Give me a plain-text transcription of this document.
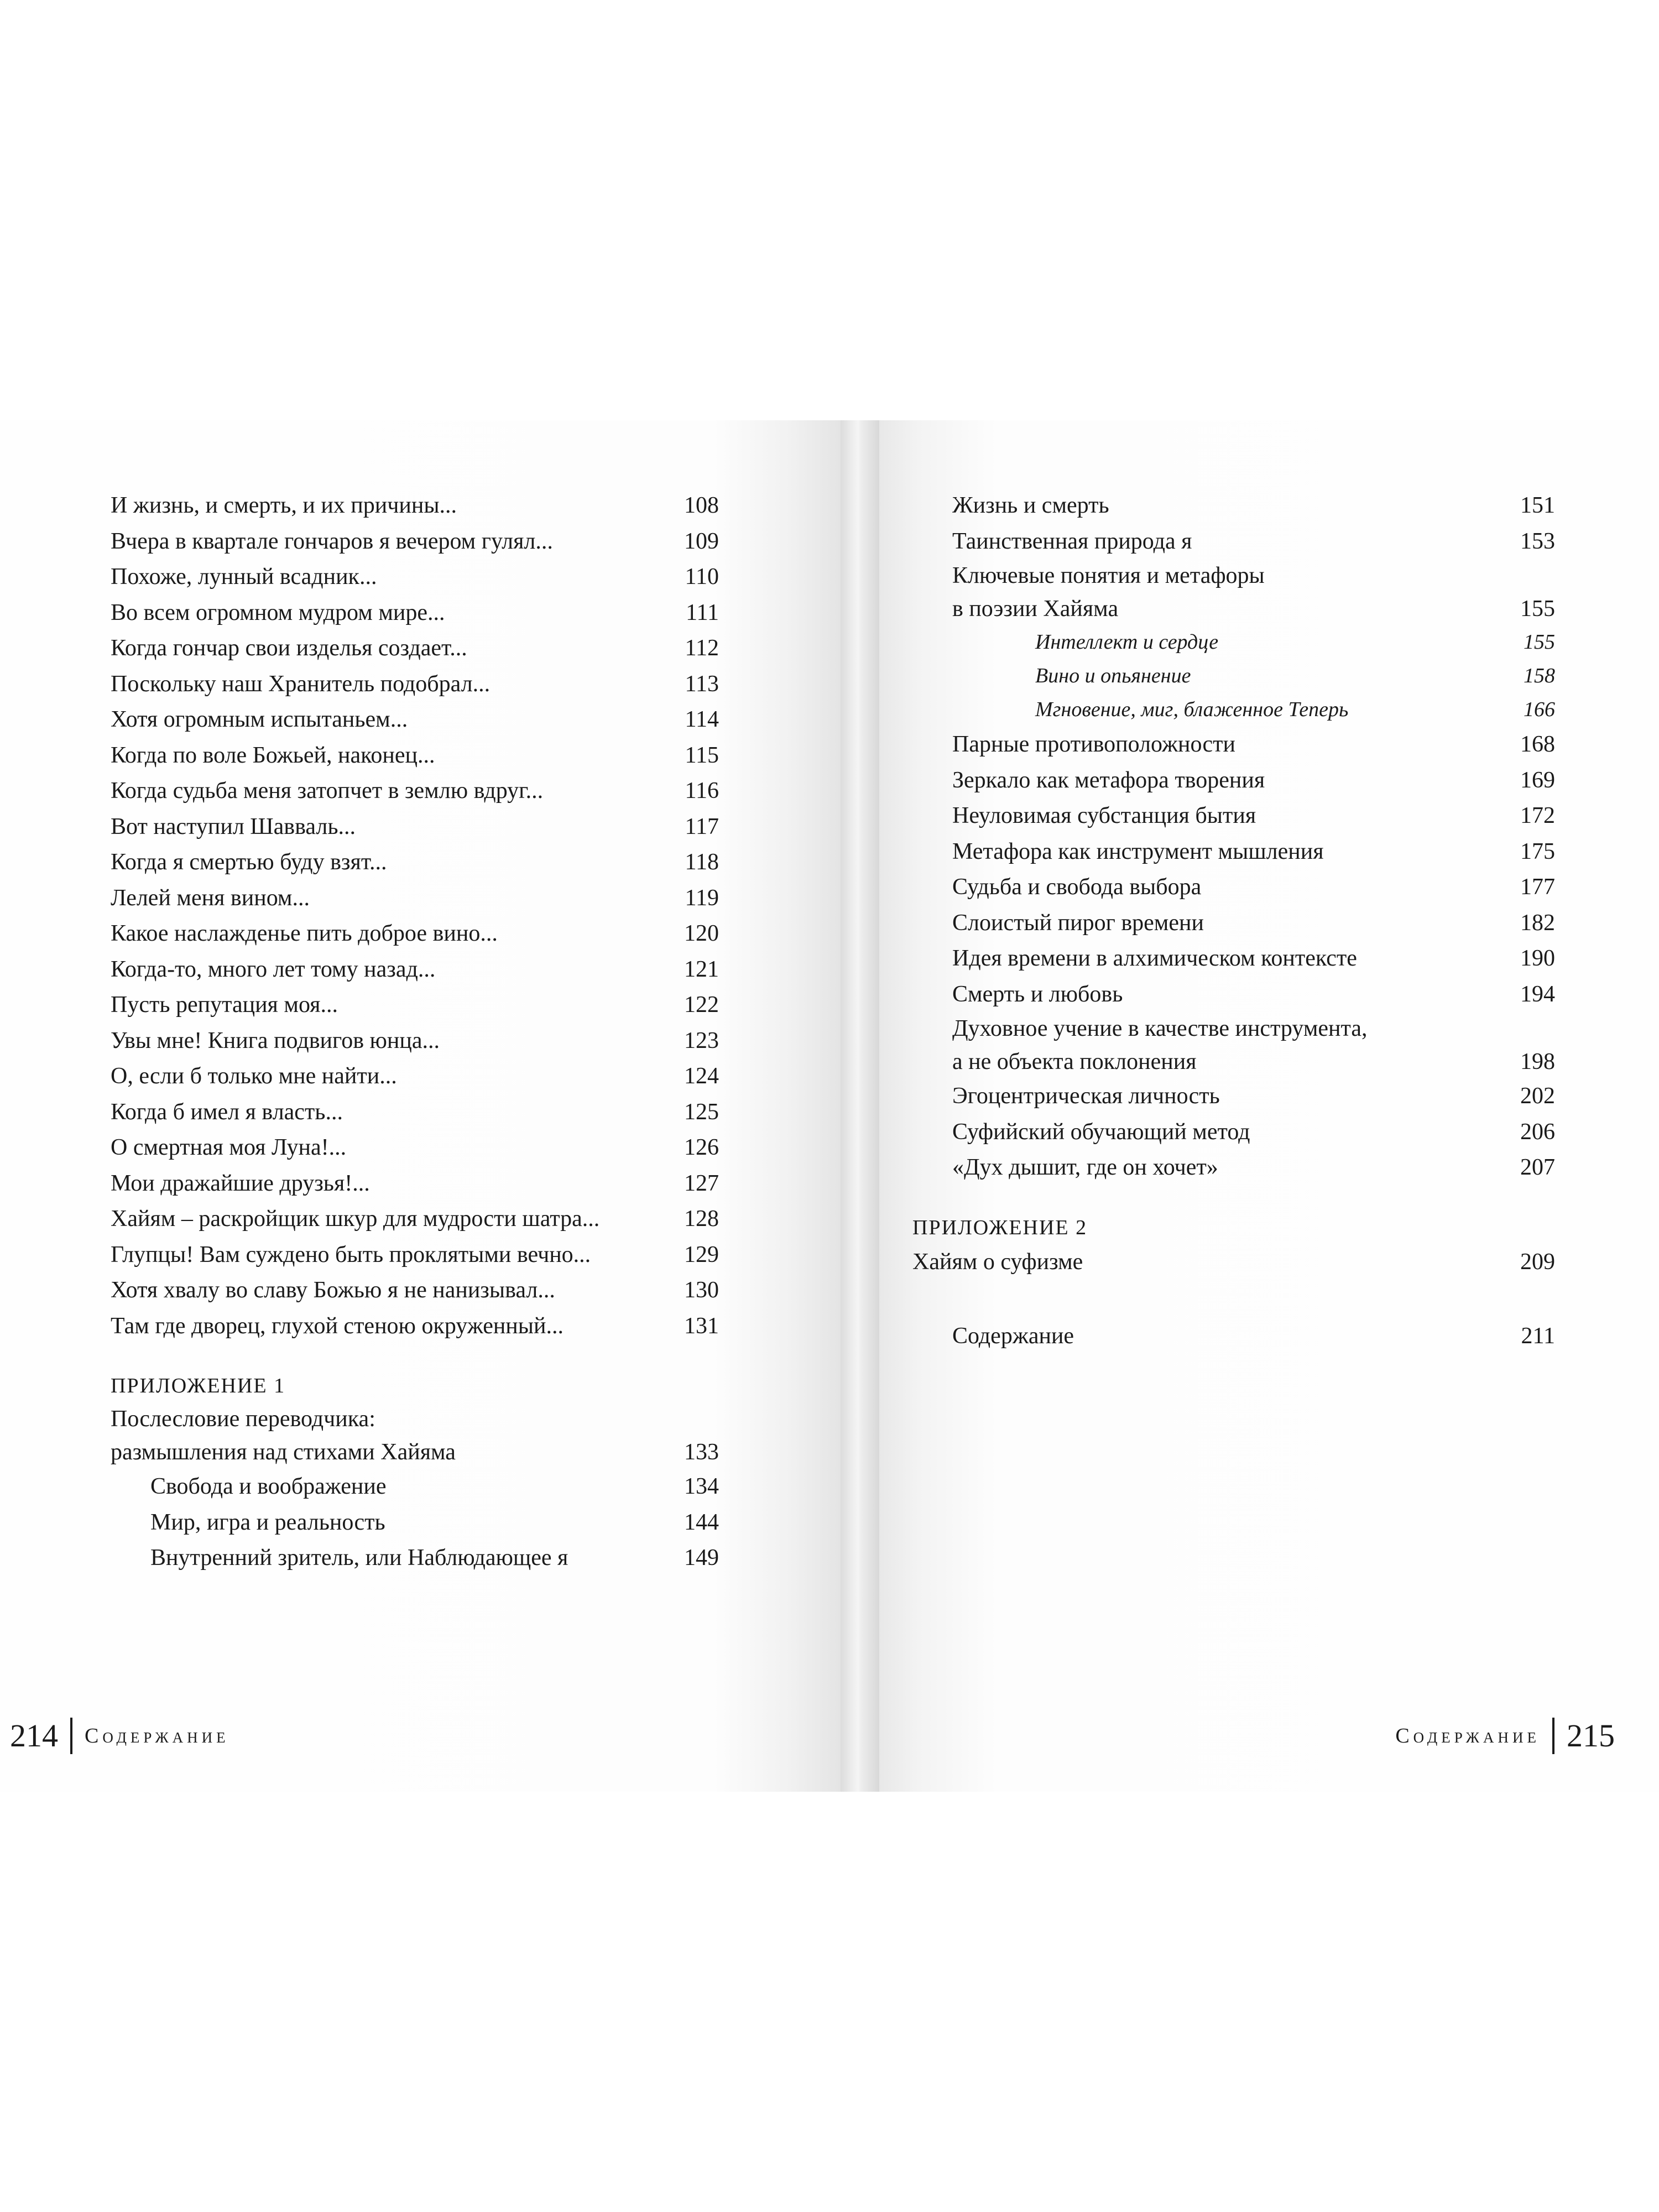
И жизнь, и смерть, и их причины...	108
Вчера в квартале гончаров я вечером гулял...	109
Похоже, лунный всадник...	110
Во всем огромном мудром мире...	111
Когда гончар свои изделья создает...	112
Поскольку наш Хранитель подобрал...	113
Хотя огромным испытаньем...	114
Когда по воле Божьей, наконец...	115
Когда судьба меня затопчет в землю вдруг...	116
Вот наступил Шавваль...	117
Когда я смертью буду взят...	118
Лелей меня вином...	119
Какое наслажденье пить доброе вино...	120
Когда-то, много лет тому назад...	121
Пусть репутация моя...	122
Увы мне! Книга подвигов юнца...	123
О, если б только мне найти...	124
Когда б имел я власть...	125
О смертная моя Луна!...	126
Мои дражайшие друзья!...	127
Хайям – раскройщик шкур для мудрости шатра...	128
Глупцы! Вам суждено быть проклятыми вечно...	129
Хотя хвалу во славу Божью я не нанизывал...	130
Там где дворец, глухой стеною окруженный...	131
ПРИЛОЖЕНИЕ 1
Послесловие переводчика:
размышления над стихами Хайяма	133
Свобода и воображение	134
Мир, игра и реальность	144
Внутренний зритель, или Наблюдающее я	149
214 Содержание
Жизнь и смерть	151
Таинственная природа я	153
Ключевые понятия и метафоры
в поэзии Хайяма	155
Интеллект и сердце	155
Вино и опьянение	158
Мгновение, миг, блаженное Теперь	166
Парные противоположности	168
Зеркало как метафора творения	169
Неуловимая субстанция бытия	172
Метафора как инструмент мышления	175
Судьба и свобода выбора	177
Слоистый пирог времени	182
Идея времени в алхимическом контексте	190
Смерть и любовь	194
Духовное учение в качестве инструмента,
а не объекта поклонения	198
Эгоцентрическая личность	202
Суфийский обучающий метод	206
«Дух дышит, где он хочет»	207
ПРИЛОЖЕНИЕ 2
Хайям о суфизме	209
Содержание	211
Содержание 215
